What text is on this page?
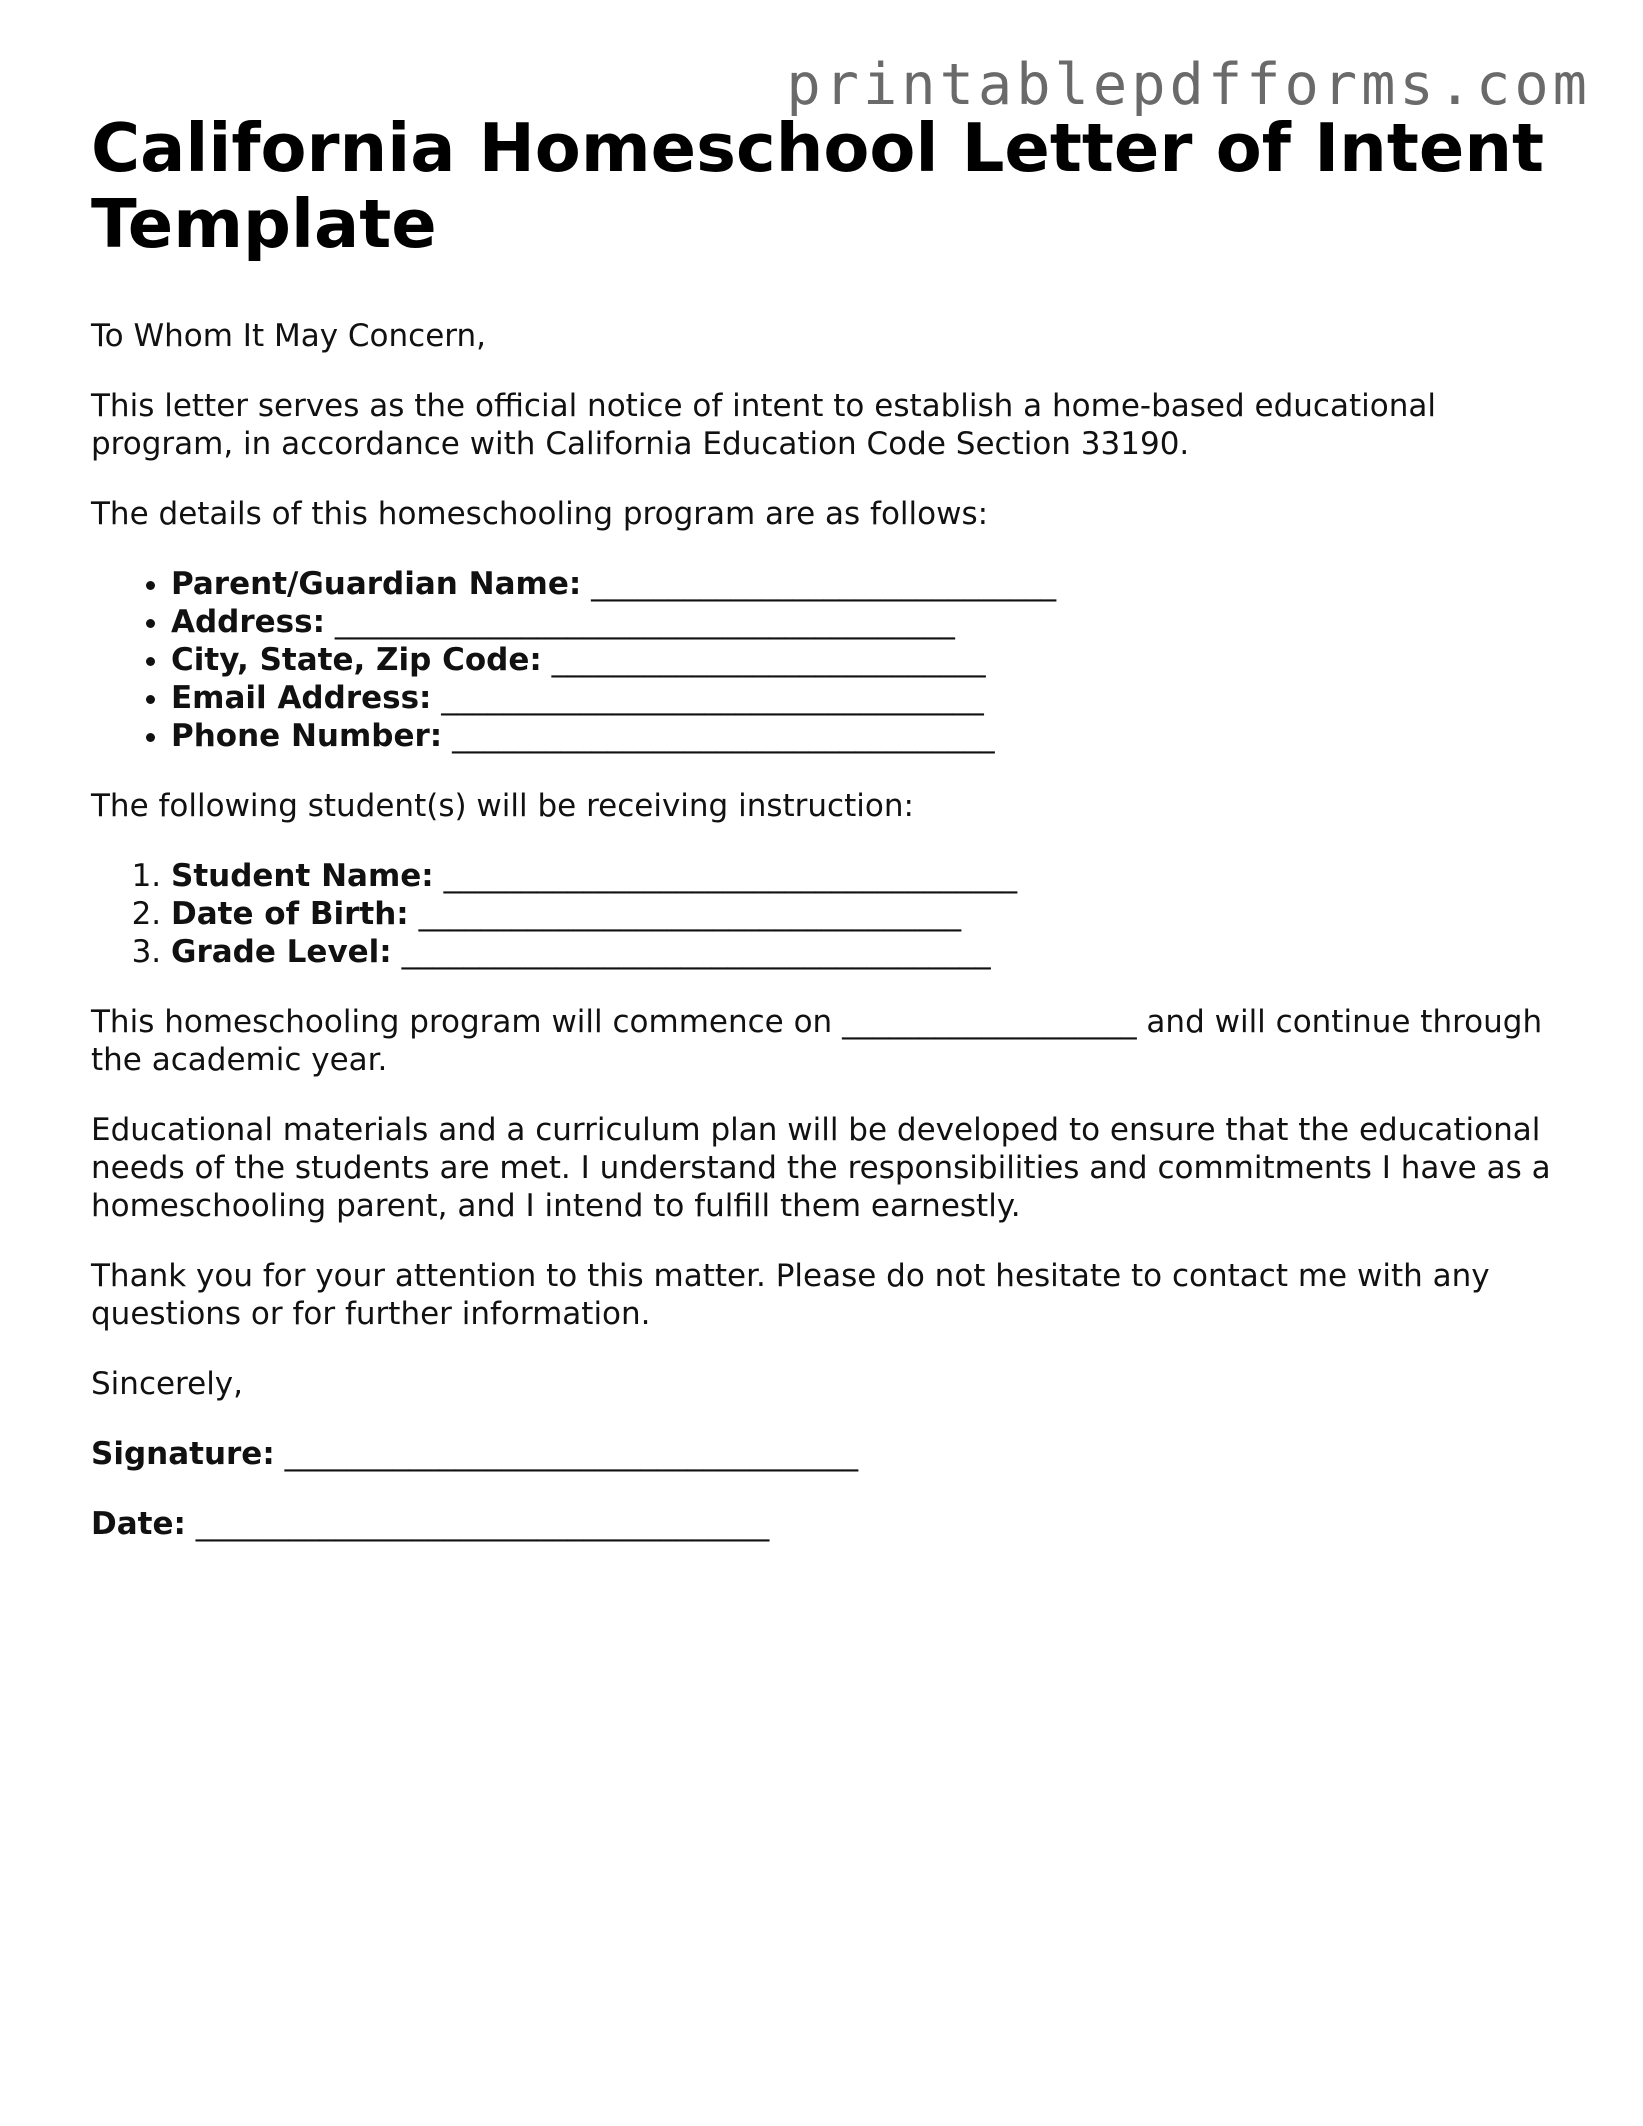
printablepdfforms.com
California Homeschool Letter of Intent Template

To Whom It May Concern,

This letter serves as the official notice of intent to establish a home-based educational program, in accordance with California Education Code Section 33190.

The details of this homeschooling program are as follows:

• Parent/Guardian Name: ______________________________
• Address: ________________________________________
• City, State, Zip Code: ____________________________
• Email Address: ___________________________________
• Phone Number: ___________________________________

The following student(s) will be receiving instruction:

1. Student Name: _____________________________________
2. Date of Birth: ___________________________________
3. Grade Level: ______________________________________

This homeschooling program will commence on ___________________ and will continue through the academic year.

Educational materials and a curriculum plan will be developed to ensure that the educational needs of the students are met. I understand the responsibilities and commitments I have as a homeschooling parent, and I intend to fulfill them earnestly.

Thank you for your attention to this matter. Please do not hesitate to contact me with any questions or for further information.

Sincerely,

Signature: _____________________________________

Date: _____________________________________
